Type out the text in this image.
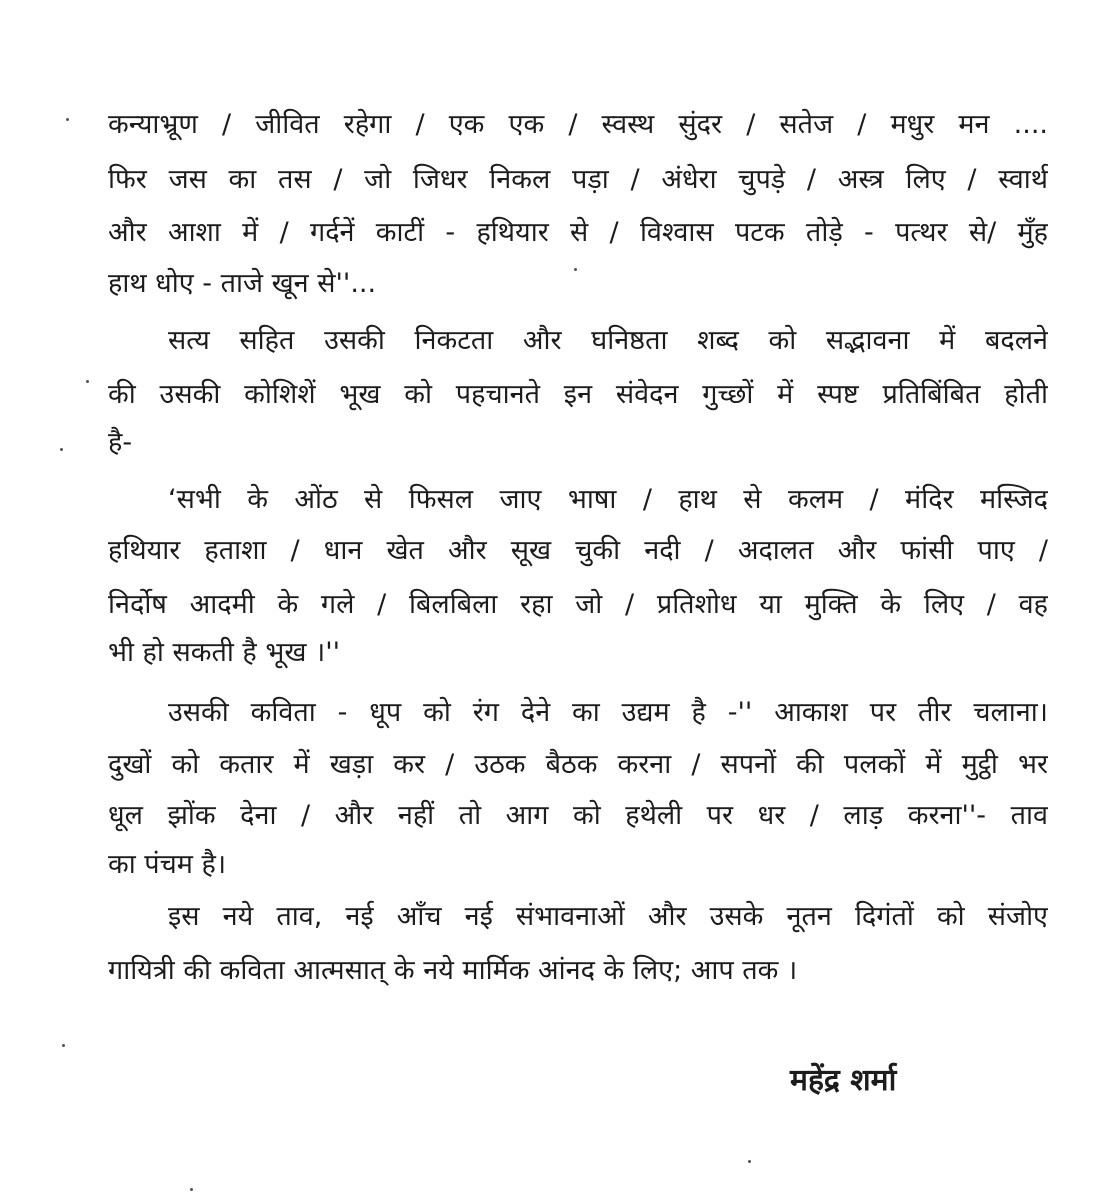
कन्याभ्रूण / जीवित रहेगा / एक एक / स्वस्थ सुंदर / सतेज / मधुर मन ....

फिर जस का तस / जो जिधर निकल पड़ा / अंधेरा चुपड़े / अस्त्र लिए / स्वार्थ

और आशा में / गर्दनें काटीं - हथियार से / विश्वास पटक तोड़े - पत्थर से/ मुँह

हाथ धोए - ताजे खून से''...

सत्य सहित उसकी निकटता और घनिष्ठता शब्द को सद्भावना में बदलने

की उसकी कोशिशें भूख को पहचानते इन संवेदन गुच्छों में स्पष्ट प्रतिबिंबित होती

है-

‘सभी के ओंठ से फिसल जाए भाषा / हाथ से कलम / मंदिर मस्जिद

हथियार हताशा / धान खेत और सूख चुकी नदी / अदालत और फांसी पाए /

निर्दोष आदमी के गले / बिलबिला रहा जो / प्रतिशोध या मुक्ति के लिए / वह

भी हो सकती है भूख ।''

उसकी कविता - धूप को रंग देने का उद्यम है -'' आकाश पर तीर चलाना।

दुखों को कतार में खड़ा कर / उठक बैठक करना / सपनों की पलकों में मुट्ठी भर

धूल झोंक देना / और नहीं तो आग को हथेली पर धर / लाड़ करना''- ताव

का पंचम है।

इस नये ताव, नई आँच नई संभावनाओं और उसके नूतन दिगंतों को संजोए

गायित्री की कविता आत्मसात् के नये मार्मिक आंनद के लिए; आप तक ।

महेंद्र शर्मा
